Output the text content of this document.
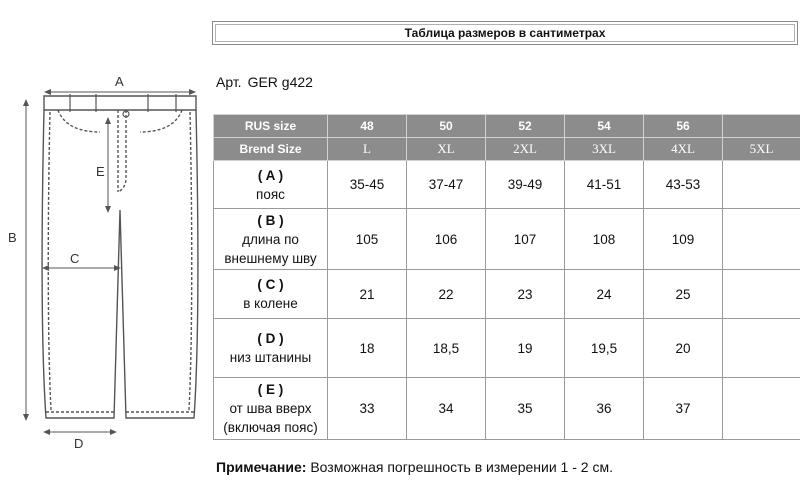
A
B
C
D
E
Таблица размеров в сантиметрах
Арт. GER g422
RUS size	48	50	52	54	56	
Brend Size	L	XL	2XL	3XL	4XL	5XL

( A )
пояс	35-45	37-47	39-49	41-51	43-53	

( B )
длина по
внешнему шву	105	106	107	108	109	

( C )
в колене	21	22	23	24	25	

( D )
низ штанины	18	18,5	19	19,5	20	

( E )
от шва вверх
(включая пояс)	33	34	35	36	37	
Примечание: Возможная погрешность в измерении 1 - 2 см.
